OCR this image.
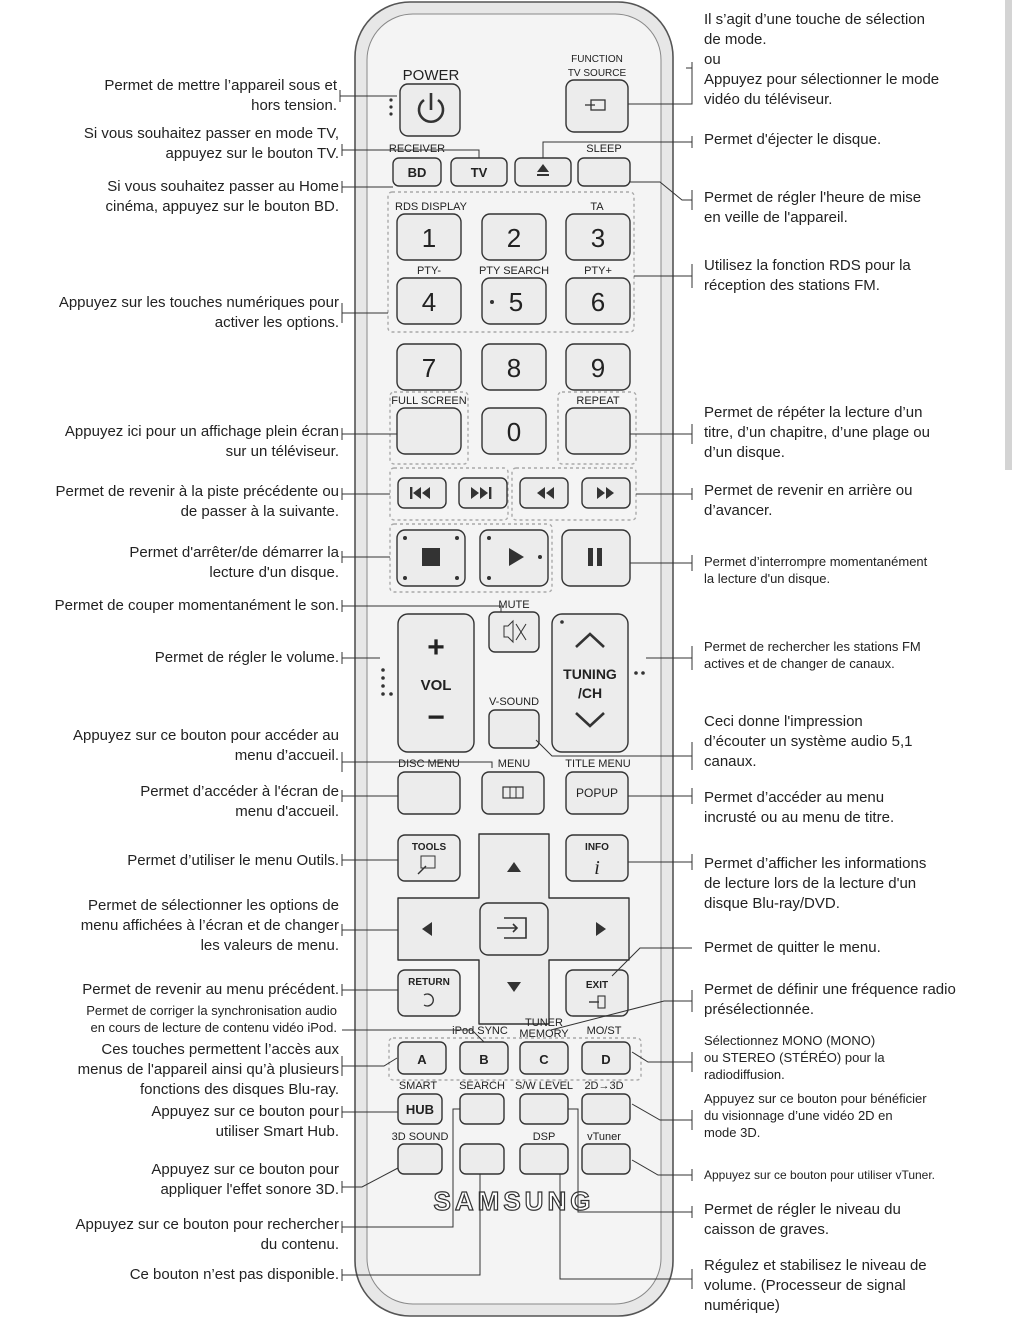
POWER
FUNCTION
TV SOURCE
RECEIVER	SLEEP
BD	TV
RDS DISPLAY	TA
1	2	3
PTY-	PTY SEARCH	PTY+
4	5	6
7	8	9
FULL SCREEN	REPEAT
0
MUTE
+
VOL
−
TUNING
/CH
V-SOUND
DISC MENU	MENU	TITLE MENU
POPUP
TOOLS	INFO
i
RETURN	EXIT
iPod SYNC
TUNER
MEMORY MO/ST
A	B	C	D
SMART SEARCH S/W LEVEL 2D→3D
HUB
3D SOUND	DSP	vTuner
SAMSUNG
Permet de mettre l’appareil sous et
hors tension.
Si vous souhaitez passer en mode TV,
appuyez sur le bouton TV.
Si vous souhaitez passer au Home
cinéma, appuyez sur le bouton BD.
Appuyez sur les touches numériques pour
activer les options.
Appuyez ici pour un affichage plein écran
sur un téléviseur.
Permet de revenir à la piste précédente ou
de passer à la suivante.
Permet d'arrêter/de démarrer la
lecture d'un disque.
Permet de couper momentanément le son.
Permet de régler le volume.
Appuyez sur ce bouton pour accéder au
menu d’accueil.
Permet d’accéder à l'écran de
menu d'accueil.
Permet d’utiliser le menu Outils.
Permet de sélectionner les options de
menu affichées à l’écran et de changer
les valeurs de menu.
Permet de revenir au menu précédent.
Permet de corriger la synchronisation audio
en cours de lecture de contenu vidéo iPod.
Ces touches permettent l’accès aux
menus de l'appareil ainsi qu’à plusieurs
fonctions des disques Blu-ray.
Appuyez sur ce bouton pour
utiliser Smart Hub.
Appuyez sur ce bouton pour
appliquer l'effet sonore 3D.
Appuyez sur ce bouton pour rechercher
du contenu.
Ce bouton n’est pas disponible.
Il s’agit d’une touche de sélection
de mode.
ou
Appuyez pour sélectionner le mode
vidéo du téléviseur.
Permet d'éjecter le disque.
Permet de régler l'heure de mise
en veille de l'appareil.
Utilisez la fonction RDS pour la
réception des stations FM.
Permet de répéter la lecture d’un
titre, d’un chapitre, d’une plage ou
d’un disque.
Permet de revenir en arrière ou
d’avancer.
Permet d’interrompre momentanément
la lecture d'un disque.
Permet de rechercher les stations FM
actives et de changer de canaux.
Ceci donne l'impression
d’écouter un système audio 5,1
canaux.
Permet d’accéder au menu
incrusté ou au menu de titre.
Permet d’afficher les informations
de lecture lors de la lecture d'un
disque Blu-ray/DVD.
Permet de quitter le menu.
Permet de définir une fréquence radio
présélectionnée.
Sélectionnez MONO (MONO)
ou STEREO (STÉRÉO) pour la
radiodiffusion.
Appuyez sur ce bouton pour bénéficier
du visionnage d’une vidéo 2D en
mode 3D.
Appuyez sur ce bouton pour utiliser vTuner.
Permet de régler le niveau du
caisson de graves.
Régulez et stabilisez le niveau de
volume. (Processeur de signal
numérique)
